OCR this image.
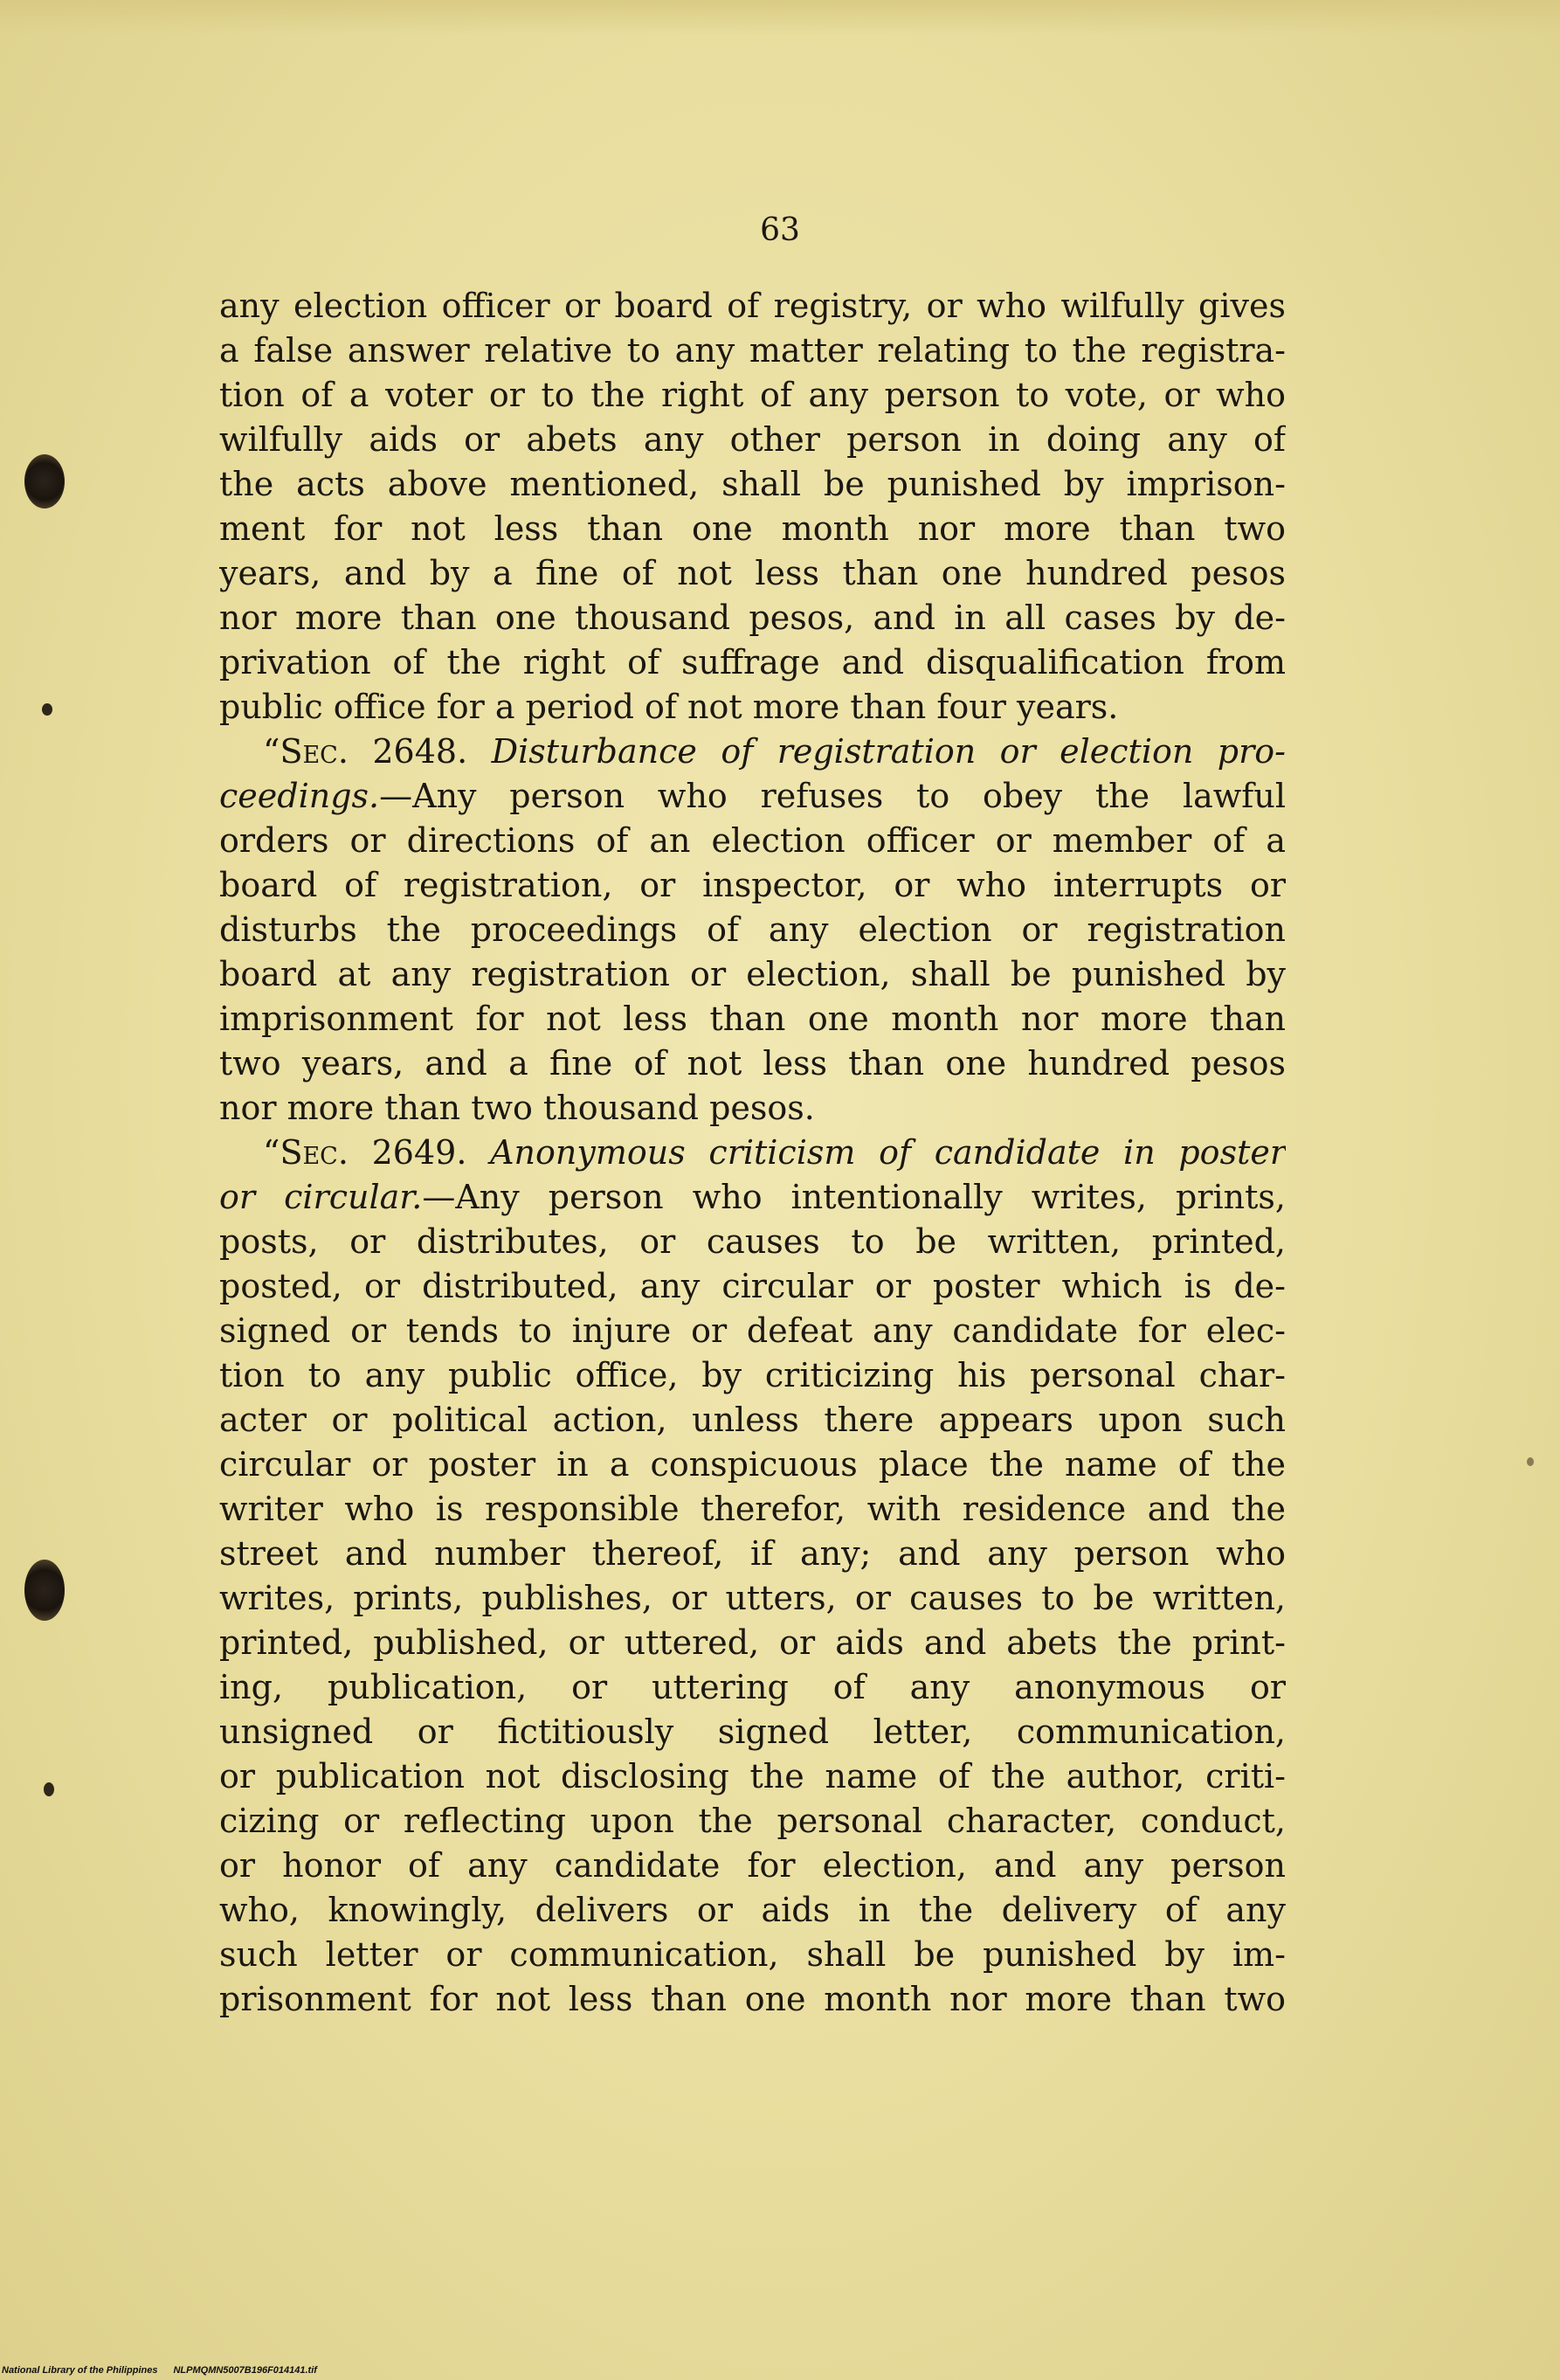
63
any election officer or board of registry, or who wilfully gives
a false answer relative to any matter relating to the registra-
tion of a voter or to the right of any person to vote, or who
wilfully aids or abets any other person in doing any of
the acts above mentioned, shall be punished by imprison-
ment for not less than one month nor more than two
years, and by a fine of not less than one hundred pesos
nor more than one thousand pesos, and in all cases by de-
privation of the right of suffrage and disqualification from
public office for a period of not more than four years.
“Sec. 2648. Disturbance of registration or election pro-
ceedings.—Any person who refuses to obey the lawful
orders or directions of an election officer or member of a
board of registration, or inspector, or who interrupts or
disturbs the proceedings of any election or registration
board at any registration or election, shall be punished by
imprisonment for not less than one month nor more than
two years, and a fine of not less than one hundred pesos
nor more than two thousand pesos.
“Sec. 2649. Anonymous criticism of candidate in poster
or circular.—Any person who intentionally writes, prints,
posts, or distributes, or causes to be written, printed,
posted, or distributed, any circular or poster which is de-
signed or tends to injure or defeat any candidate for elec-
tion to any public office, by criticizing his personal char-
acter or political action, unless there appears upon such
circular or poster in a conspicuous place the name of the
writer who is responsible therefor, with residence and the
street and number thereof, if any; and any person who
writes, prints, publishes, or utters, or causes to be written,
printed, published, or uttered, or aids and abets the print-
ing, publication, or uttering of any anonymous or
unsigned or fictitiously signed letter, communication,
or publication not disclosing the name of the author, criti-
cizing or reflecting upon the personal character, conduct,
or honor of any candidate for election, and any person
who, knowingly, delivers or aids in the delivery of any
such letter or communication, shall be punished by im-
prisonment for not less than one month nor more than two
National Library of the Philippines NLPMQMN5007B196F014141.tif
